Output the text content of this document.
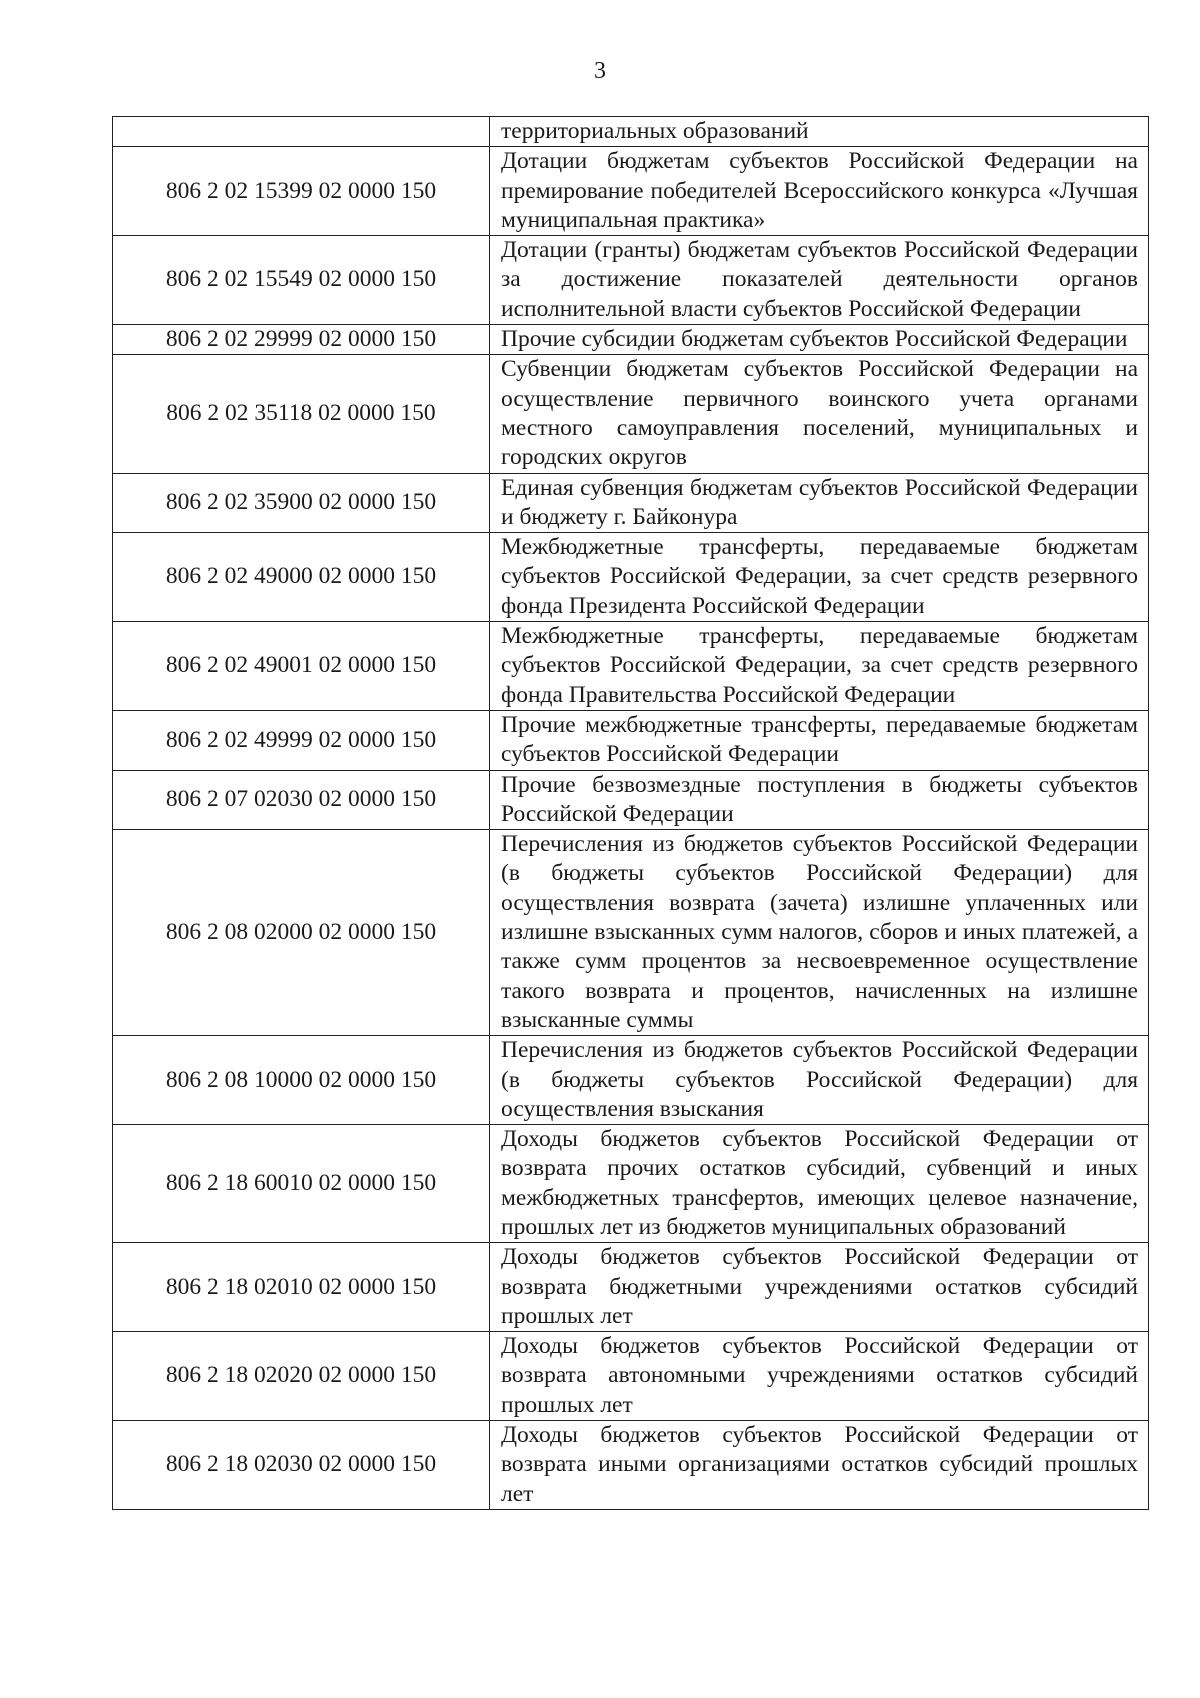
3
	территориальных образований
806 2 02 15399 02 0000 150	Дотации бюджетам субъектов Российской Федерации на премирование победителей Всероссийского конкурса «Лучшая муниципальная практика»
806 2 02 15549 02 0000 150	Дотации (гранты) бюджетам субъектов Российской Федерации за достижение показателей деятельности органов исполнительной власти субъектов Российской Федерации
806 2 02 29999 02 0000 150	Прочие субсидии бюджетам субъектов Российской Федерации
806 2 02 35118 02 0000 150	Субвенции бюджетам субъектов Российской Федерации на осуществление первичного воинского учета органами местного самоуправления поселений, муниципальных и городских округов
806 2 02 35900 02 0000 150	Единая субвенция бюджетам субъектов Российской Федерации и бюджету г. Байконура
806 2 02 49000 02 0000 150	Межбюджетные трансферты, передаваемые бюджетам субъектов Российской Федерации, за счет средств резервного фонда Президента Российской Федерации
806 2 02 49001 02 0000 150	Межбюджетные трансферты, передаваемые бюджетам субъектов Российской Федерации, за счет средств резервного фонда Правительства Российской Федерации
806 2 02 49999 02 0000 150	Прочие межбюджетные трансферты, передаваемые бюджетам субъектов Российской Федерации
806 2 07 02030 02 0000 150	Прочие безвозмездные поступления в бюджеты субъектов Российской Федерации
806 2 08 02000 02 0000 150	Перечисления из бюджетов субъектов Российской Федерации (в бюджеты субъектов Российской Федерации) для осуществления возврата (зачета) излишне уплаченных или излишне взысканных сумм налогов, сборов и иных платежей, а также сумм процентов за несвоевременное осуществление такого возврата и процентов, начисленных на излишне взысканные суммы
806 2 08 10000 02 0000 150	Перечисления из бюджетов субъектов Российской Федерации (в бюджеты субъектов Российской Федерации) для осуществления взыскания
806 2 18 60010 02 0000 150	Доходы бюджетов субъектов Российской Федерации от возврата прочих остатков субсидий, субвенций и иных межбюджетных трансфертов, имеющих целевое назначение, прошлых лет из бюджетов муниципальных образований
806 2 18 02010 02 0000 150	Доходы бюджетов субъектов Российской Федерации от возврата бюджетными учреждениями остатков субсидий прошлых лет
806 2 18 02020 02 0000 150	Доходы бюджетов субъектов Российской Федерации от возврата автономными учреждениями остатков субсидий прошлых лет
806 2 18 02030 02 0000 150	Доходы бюджетов субъектов Российской Федерации от возврата иными организациями остатков субсидий прошлых лет
